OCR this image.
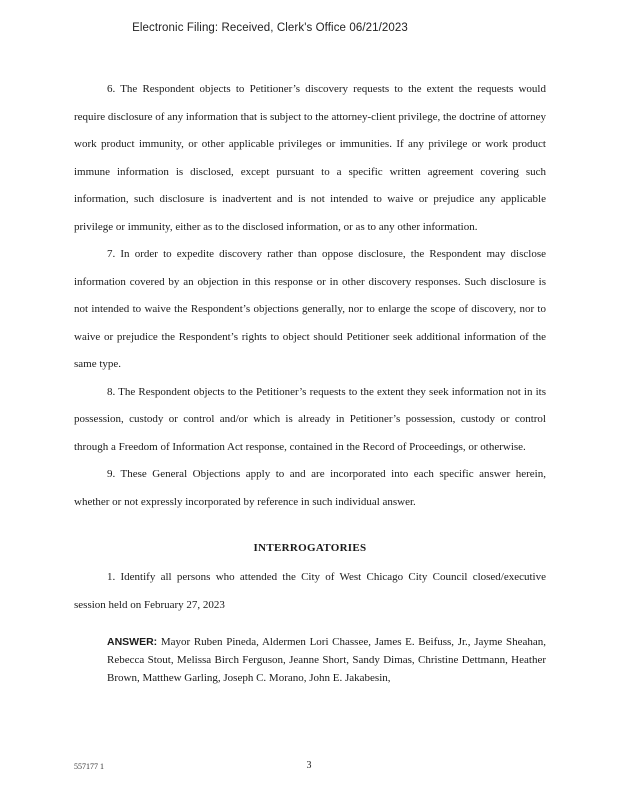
Electronic Filing: Received, Clerk's Office 06/21/2023

6. The Respondent objects to Petitioner’s discovery requests to the extent the requests would require disclosure of any information that is subject to the attorney-client privilege, the doctrine of attorney work product immunity, or other applicable privileges or immunities. If any privilege or work product immune information is disclosed, except pursuant to a specific written agreement covering such information, such disclosure is inadvertent and is not intended to waive or prejudice any applicable privilege or immunity, either as to the disclosed information, or as to any other information.

7. In order to expedite discovery rather than oppose disclosure, the Respondent may disclose information covered by an objection in this response or in other discovery responses. Such disclosure is not intended to waive the Respondent’s objections generally, nor to enlarge the scope of discovery, nor to waive or prejudice the Respondent’s rights to object should Petitioner seek additional information of the same type.

8. The Respondent objects to the Petitioner’s requests to the extent they seek information not in its possession, custody or control and/or which is already in Petitioner’s possession, custody or control through a Freedom of Information Act response, contained in the Record of Proceedings, or otherwise.

9. These General Objections apply to and are incorporated into each specific answer herein, whether or not expressly incorporated by reference in such individual answer.

INTERROGATORIES

1. Identify all persons who attended the City of West Chicago City Council closed/executive session held on February 27, 2023

ANSWER: Mayor Ruben Pineda, Aldermen Lori Chassee, James E. Beifuss, Jr., Jayme Sheahan, Rebecca Stout, Melissa Birch Ferguson, Jeanne Short, Sandy Dimas, Christine Dettmann, Heather Brown, Matthew Garling, Joseph C. Morano, John E. Jakabesin,

557177 1	3
